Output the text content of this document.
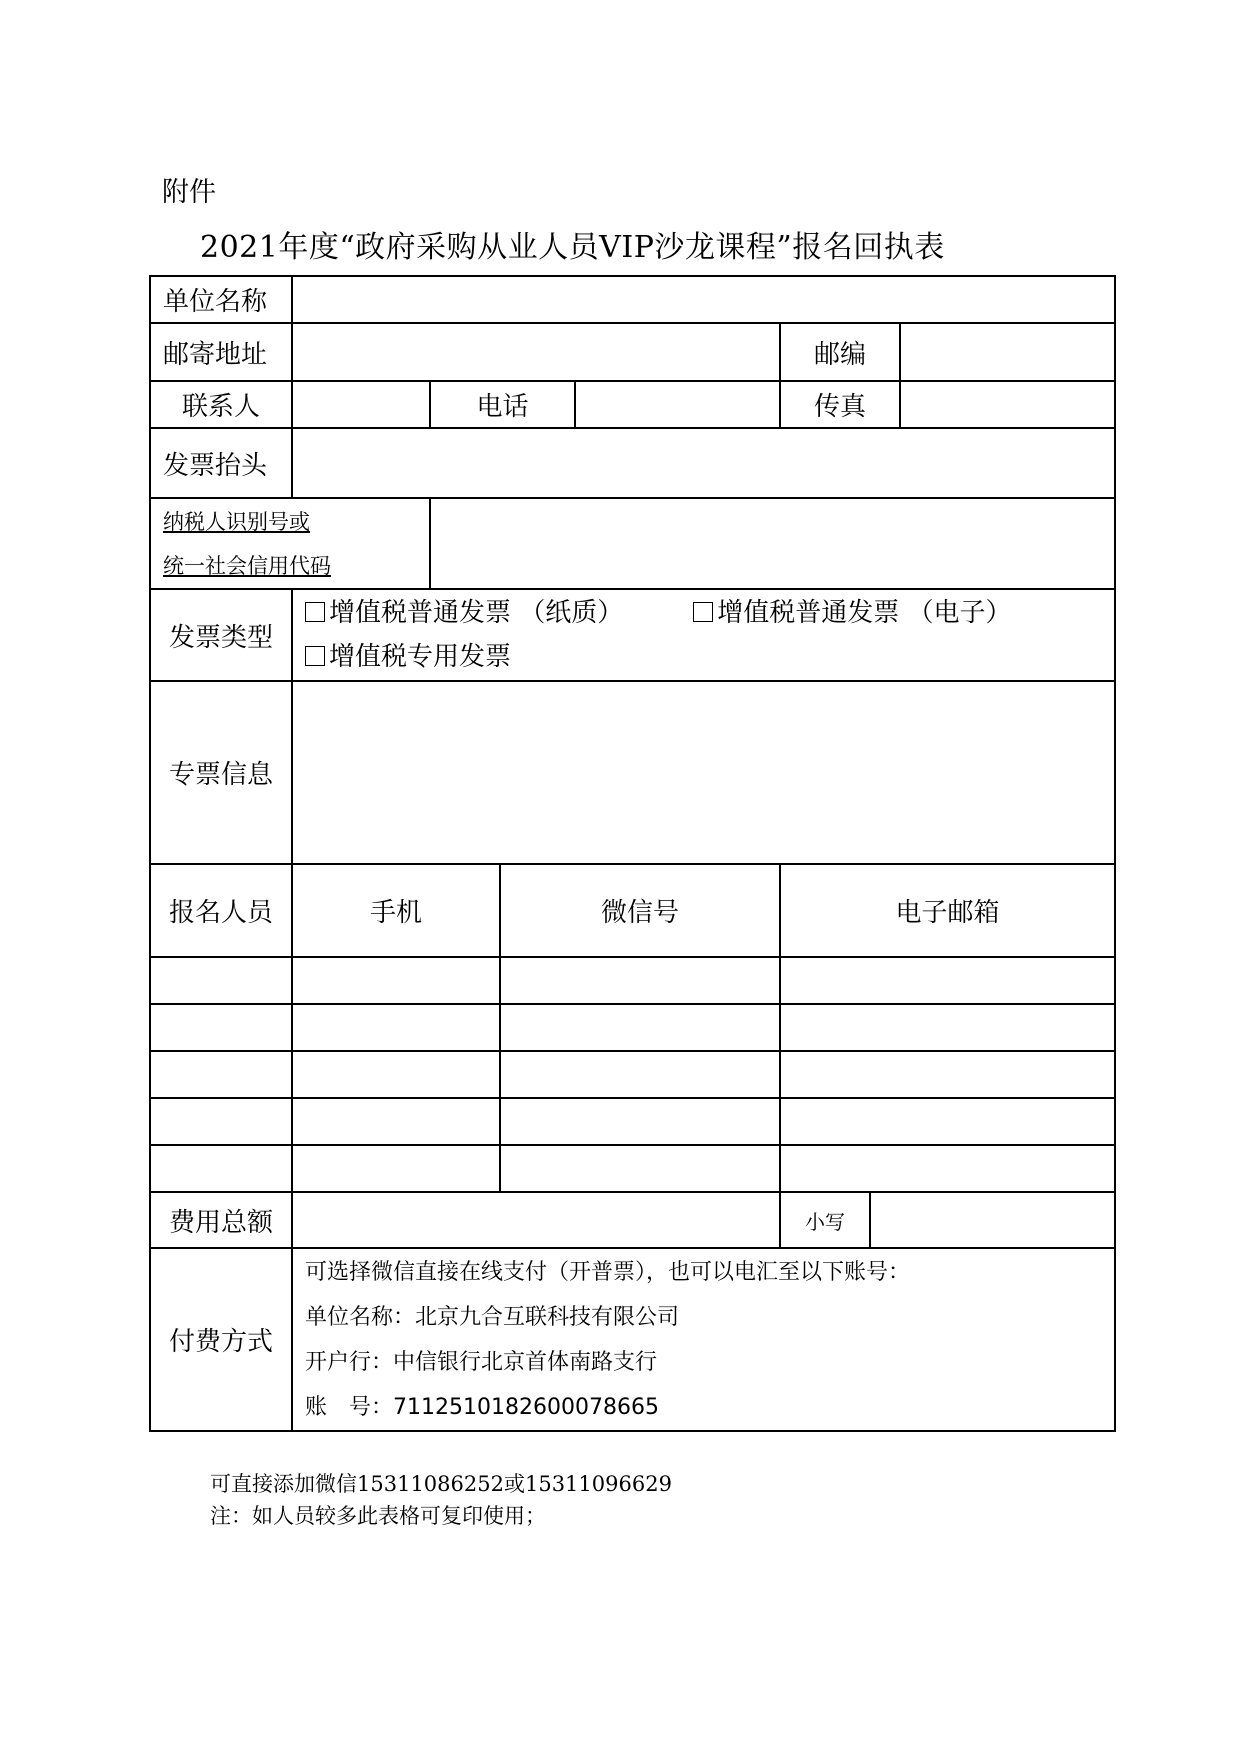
附件
2021年度“政府采购从业人员VIP沙龙课程”报名回执表
单位名称							
邮寄地址					邮编		
联系人		电话			传真		
发票抬头							

纳税人识别号或
统一社会信用代码							

发票类型	增值税普通发票 （纸质） 增值税普通发票 （电子）
增值税专用发票						

专票信息							
报名人员	手机		微信号		电子邮箱		

费用总额					小写		
付费方式	可选择微信直接在线支付（开普票），也可以电汇至以下账号：
单位名称：北京九合互联科技有限公司
开户行：中信银行北京首体南路支行
账　号：7112510182600078665						
可直接添加微信15311086252或15311096629
注：如人员较多此表格可复印使用；
